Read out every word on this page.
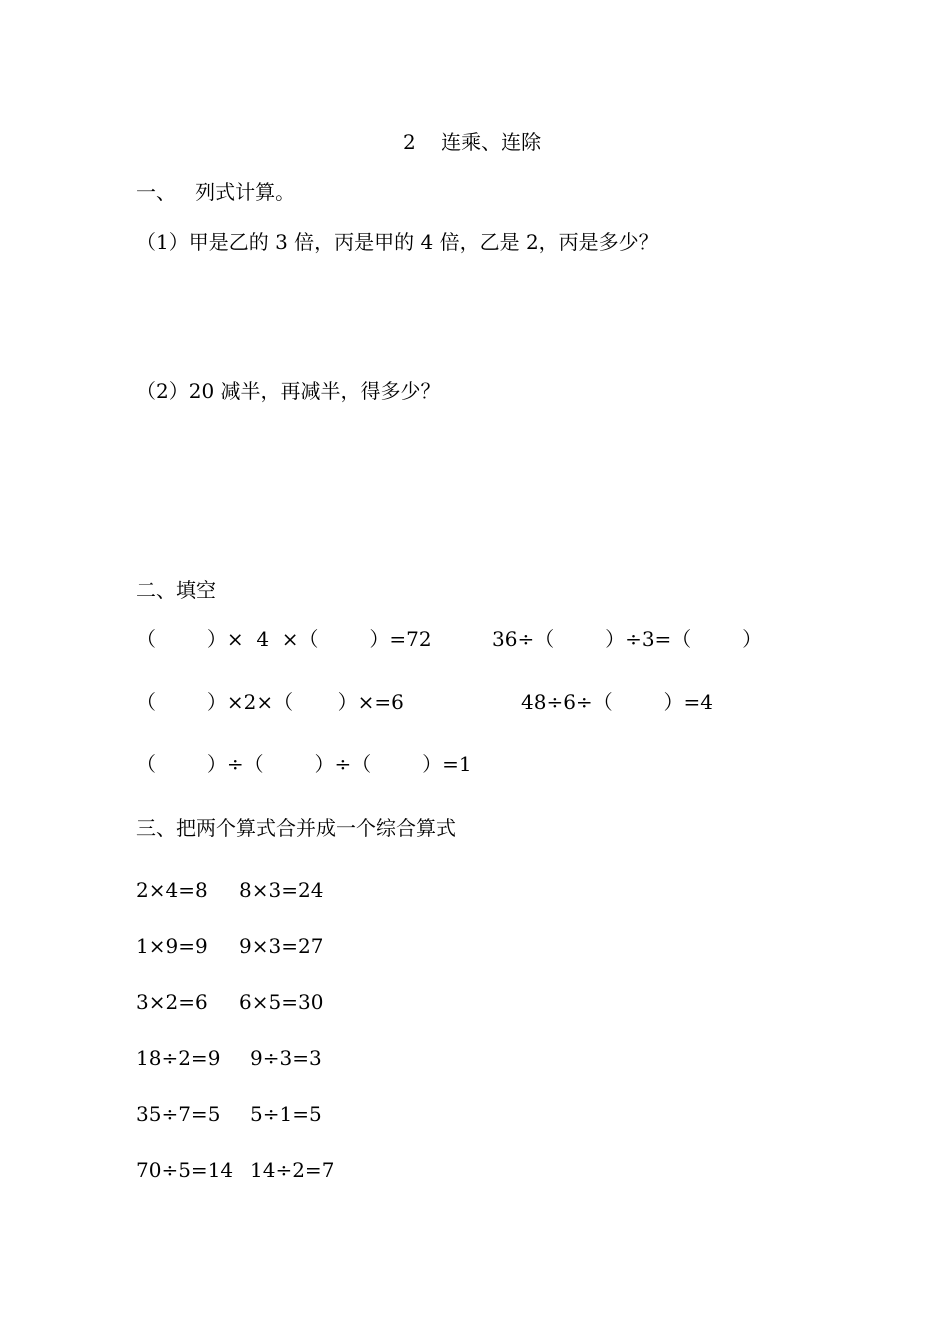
2    连乘、连除
一、   列式计算。
（1）甲是乙的 3 倍，丙是甲的 4 倍，乙是 2，丙是多少？
（2）20 减半，再减半，得多少？
二、填空
（        ）×  4  ×（        ）=72	36÷（        ）÷3=（        ）
（        ）×2×（       ）×=6	48÷6÷（        ）=4
（        ）÷（        ）÷（        ）=1
三、把两个算式合并成一个综合算式
2×4=8 8×3=24
1×9=9 9×3=27
3×2=6 6×5=30
18÷2=9 9÷3=3
35÷7=5 5÷1=5
70÷5=14 14÷2=7
